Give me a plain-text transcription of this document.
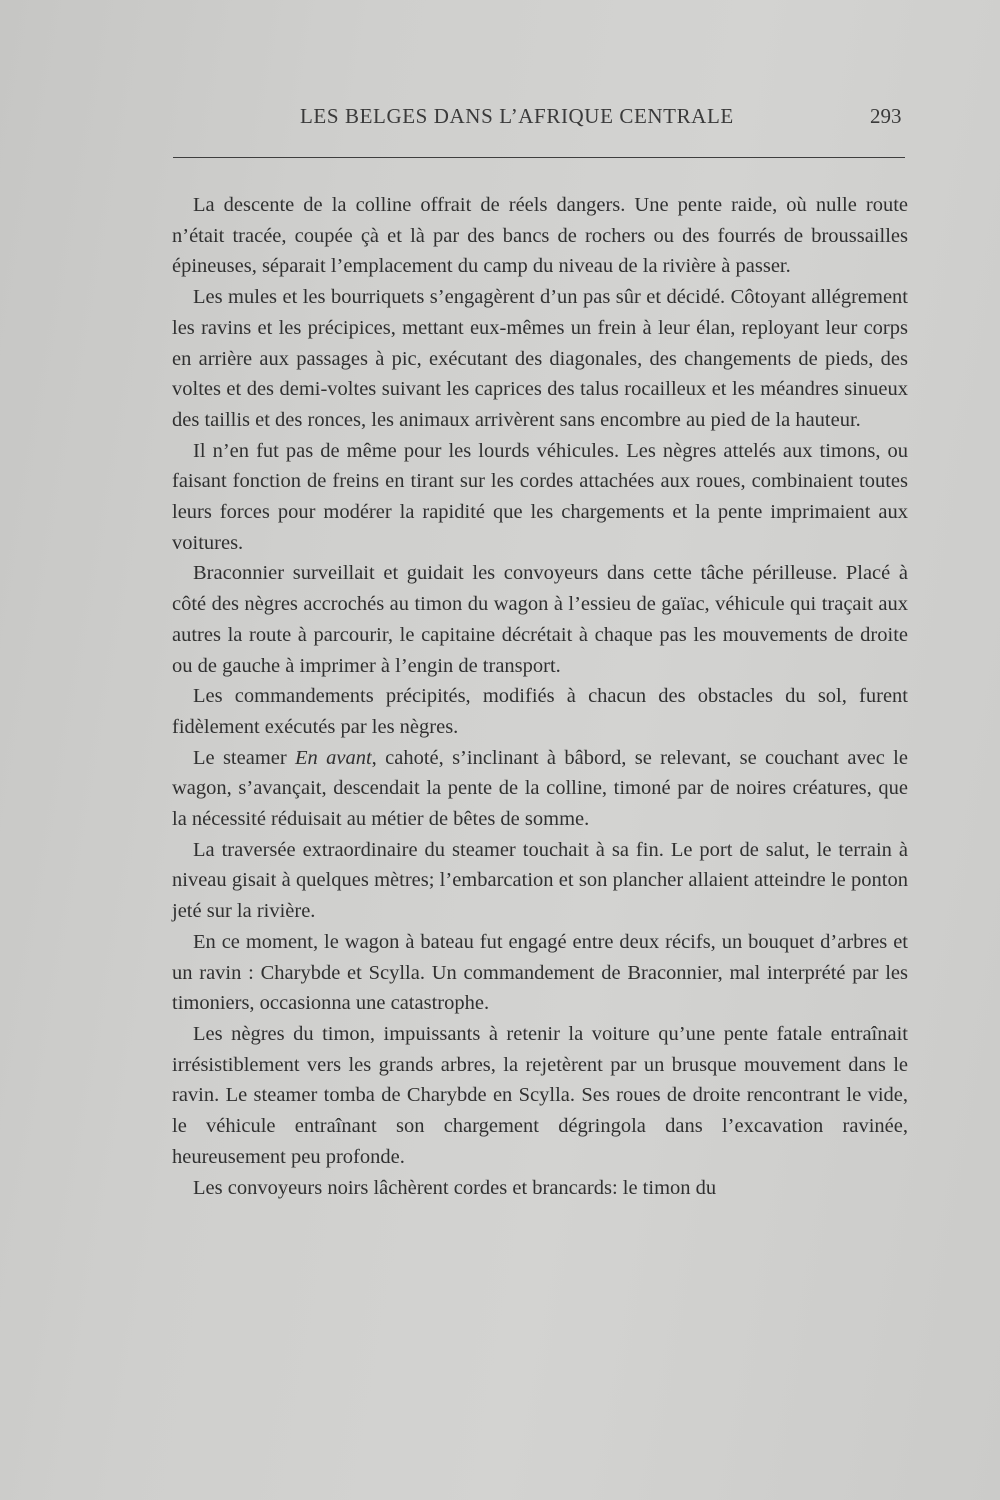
LES BELGES DANS L’AFRIQUE CENTRALE	293

La descente de la colline offrait de réels dangers. Une pente raide, où nulle route n’était tracée, coupée çà et là par des bancs de rochers ou des fourrés de broussailles épineuses, séparait l’emplacement du camp du niveau de la rivière à passer.

Les mules et les bourriquets s’engagèrent d’un pas sûr et décidé. Côtoyant allégrement les ravins et les précipices, mettant eux-mêmes un frein à leur élan, reployant leur corps en arrière aux passages à pic, exécutant des diagonales, des changements de pieds, des voltes et des demi-voltes suivant les caprices des talus rocailleux et les méandres sinueux des taillis et des ronces, les animaux arrivèrent sans encombre au pied de la hauteur.

Il n’en fut pas de même pour les lourds véhicules. Les nègres attelés aux timons, ou faisant fonction de freins en tirant sur les cordes attachées aux roues, combinaient toutes leurs forces pour modérer la rapidité que les chargements et la pente imprimaient aux voitures.

Braconnier surveillait et guidait les convoyeurs dans cette tâche périlleuse. Placé à côté des nègres accrochés au timon du wagon à l’essieu de gaïac, véhicule qui traçait aux autres la route à parcourir, le capitaine décrétait à chaque pas les mouvements de droite ou de gauche à imprimer à l’engin de transport.

Les commandements précipités, modifiés à chacun des obstacles du sol, furent fidèlement exécutés par les nègres.

Le steamer En avant, cahoté, s’inclinant à bâbord, se relevant, se couchant avec le wagon, s’avançait, descendait la pente de la colline, timoné par de noires créatures, que la nécessité réduisait au métier de bêtes de somme.

La traversée extraordinaire du steamer touchait à sa fin. Le port de salut, le terrain à niveau gisait à quelques mètres; l’embarcation et son plancher allaient atteindre le ponton jeté sur la rivière.

En ce moment, le wagon à bateau fut engagé entre deux récifs, un bouquet d’arbres et un ravin : Charybde et Scylla. Un commandement de Braconnier, mal interprété par les timoniers, occasionna une catastrophe.

Les nègres du timon, impuissants à retenir la voiture qu’une pente fatale entraînait irrésistiblement vers les grands arbres, la rejetèrent par un brusque mouvement dans le ravin. Le steamer tomba de Charybde en Scylla. Ses roues de droite rencontrant le vide, le véhicule entraînant son chargement dégringola dans l’excavation ravinée, heureusement peu profonde.

Les convoyeurs noirs lâchèrent cordes et brancards: le timon du
